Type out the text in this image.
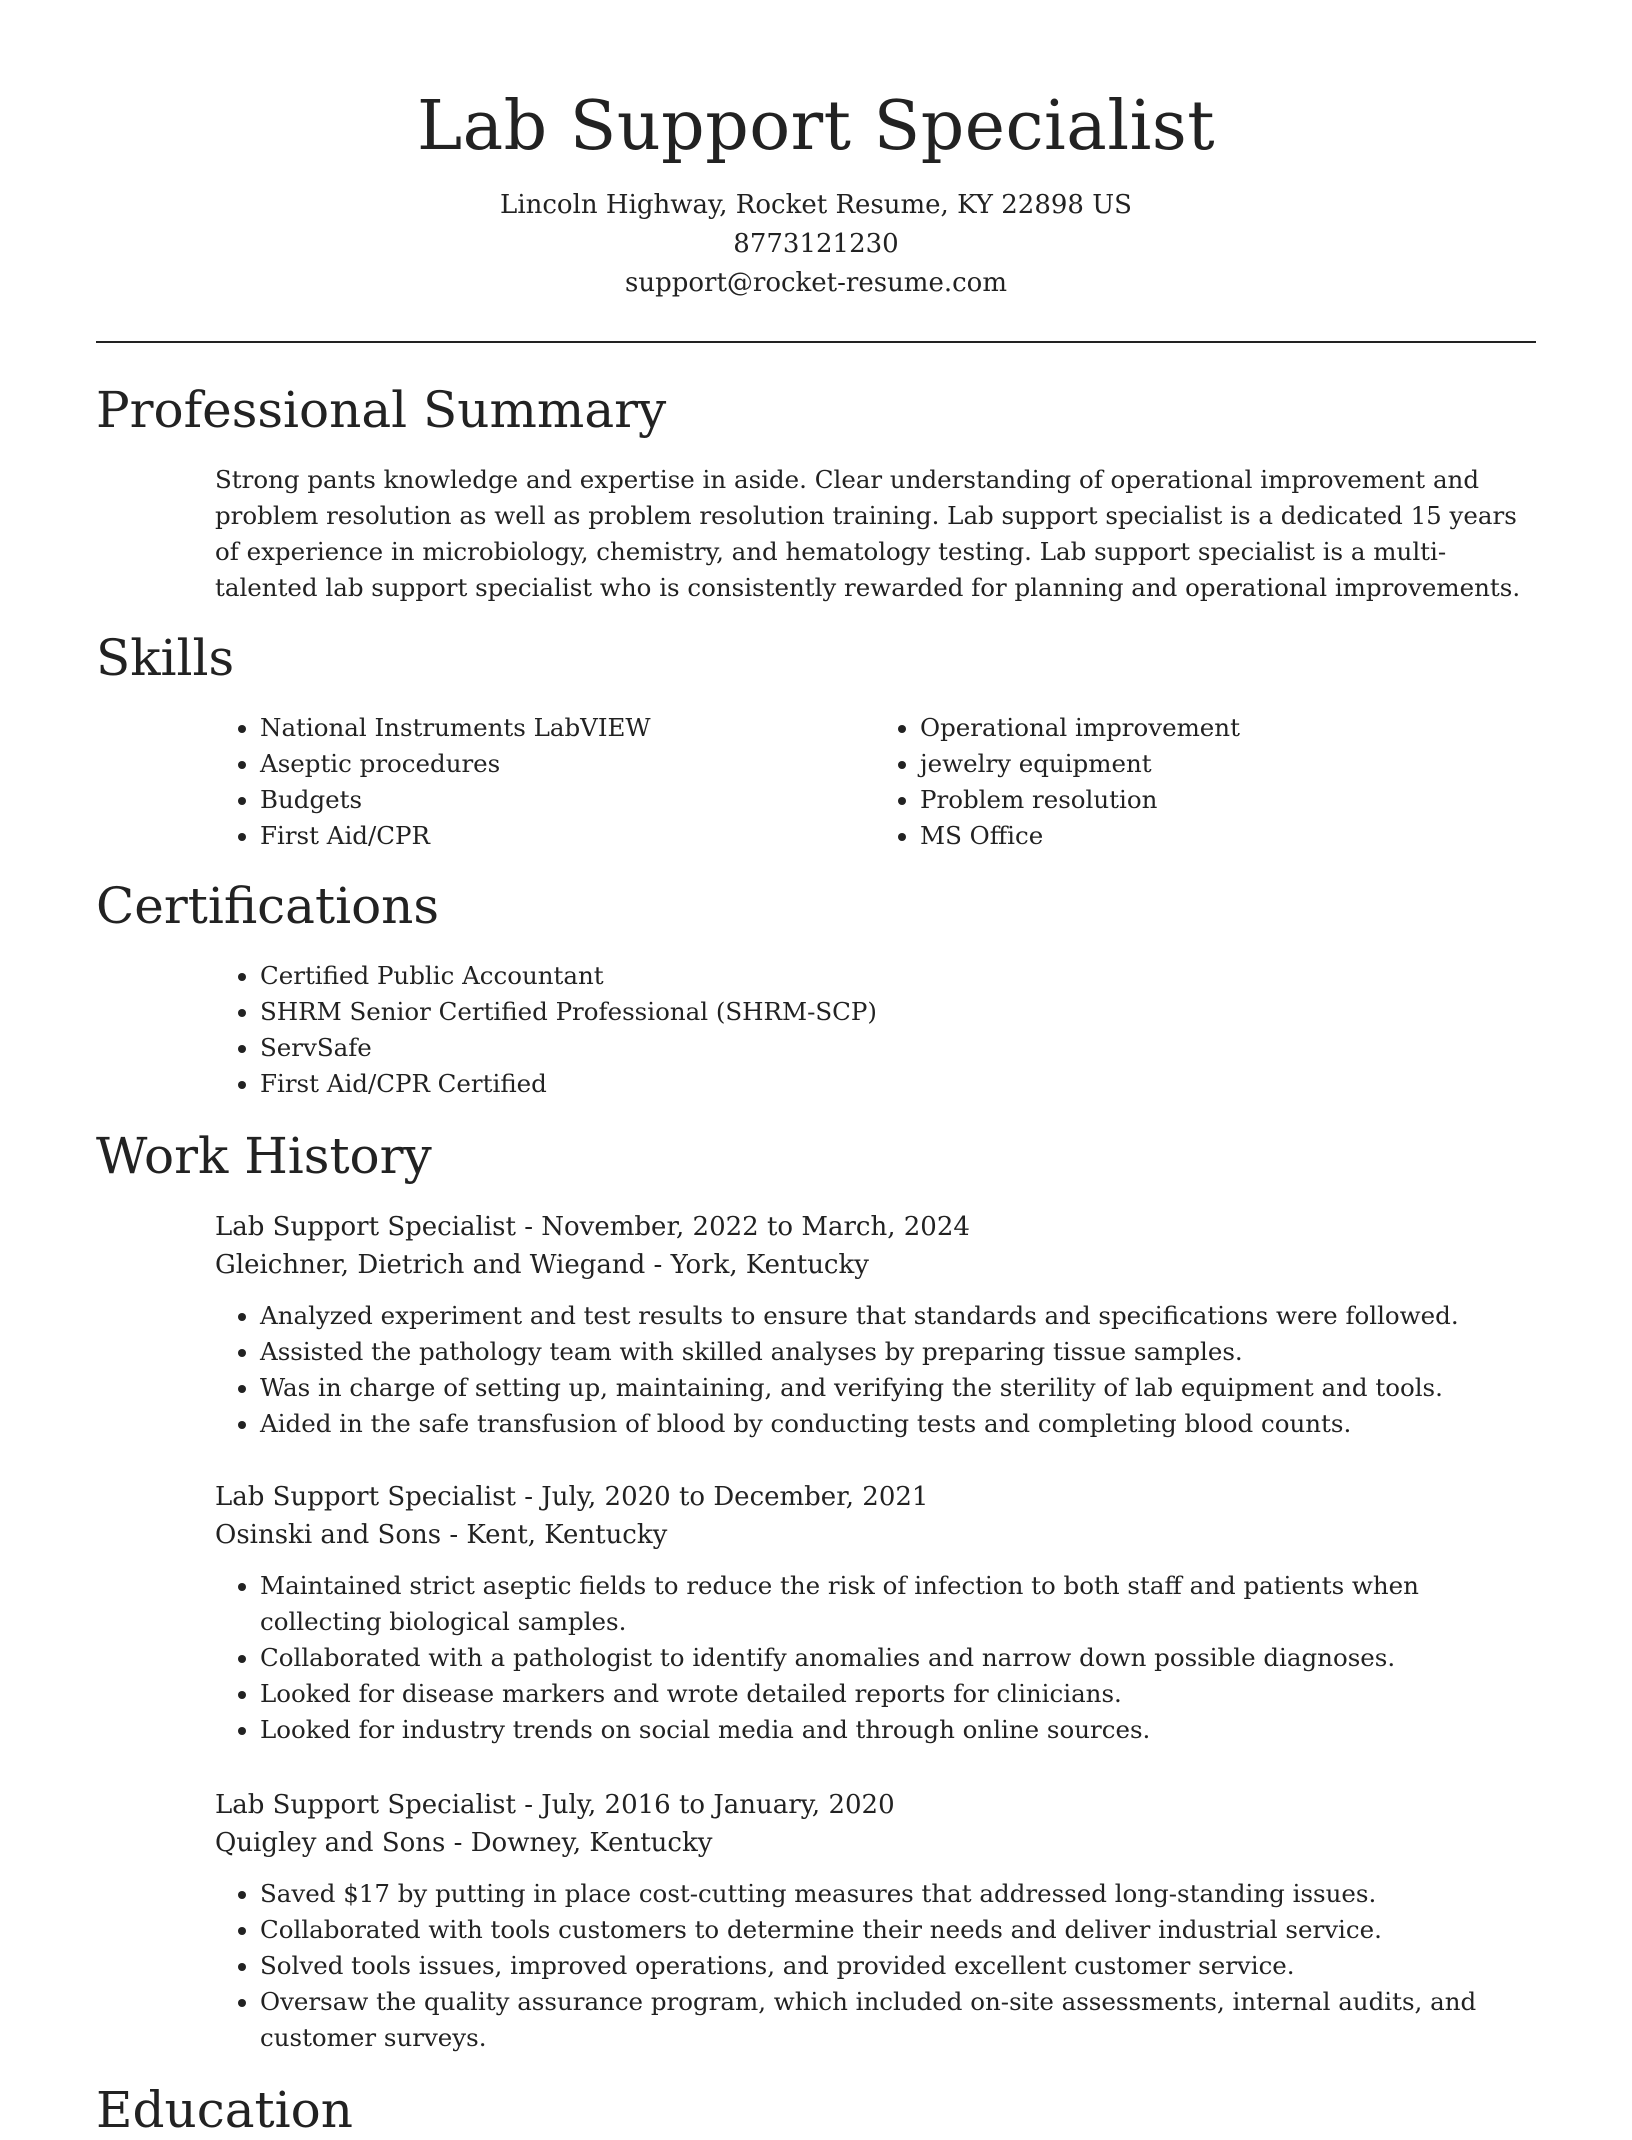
Lab Support Specialist
Lincoln Highway, Rocket Resume, KY 22898 US
8773121230
support@rocket-resume.com
Professional Summary
Strong pants knowledge and expertise in aside. Clear understanding of operational improvement and problem resolution as well as problem resolution training. Lab support specialist is a dedicated 15 years of experience in microbiology, chemistry, and hematology testing. Lab support specialist is a multi-talented lab support specialist who is consistently rewarded for planning and operational improvements.
Skills
• National Instruments LabVIEW
• Aseptic procedures
• Budgets
• First Aid/CPR
• Operational improvement
• jewelry equipment
• Problem resolution
• MS Office
Certifications
• Certified Public Accountant
• SHRM Senior Certified Professional (SHRM-SCP)
• ServSafe
• First Aid/CPR Certified
Work History
Lab Support Specialist - November, 2022 to March, 2024
Gleichner, Dietrich and Wiegand - York, Kentucky
• Analyzed experiment and test results to ensure that standards and specifications were followed.
• Assisted the pathology team with skilled analyses by preparing tissue samples.
• Was in charge of setting up, maintaining, and verifying the sterility of lab equipment and tools.
• Aided in the safe transfusion of blood by conducting tests and completing blood counts.
Lab Support Specialist - July, 2020 to December, 2021
Osinski and Sons - Kent, Kentucky
• Maintained strict aseptic fields to reduce the risk of infection to both staff and patients when collecting biological samples.
• Collaborated with a pathologist to identify anomalies and narrow down possible diagnoses.
• Looked for disease markers and wrote detailed reports for clinicians.
• Looked for industry trends on social media and through online sources.
Lab Support Specialist - July, 2016 to January, 2020
Quigley and Sons - Downey, Kentucky
• Saved $17 by putting in place cost-cutting measures that addressed long-standing issues.
• Collaborated with tools customers to determine their needs and deliver industrial service.
• Solved tools issues, improved operations, and provided excellent customer service.
• Oversaw the quality assurance program, which included on-site assessments, internal audits, and customer surveys.
Education
